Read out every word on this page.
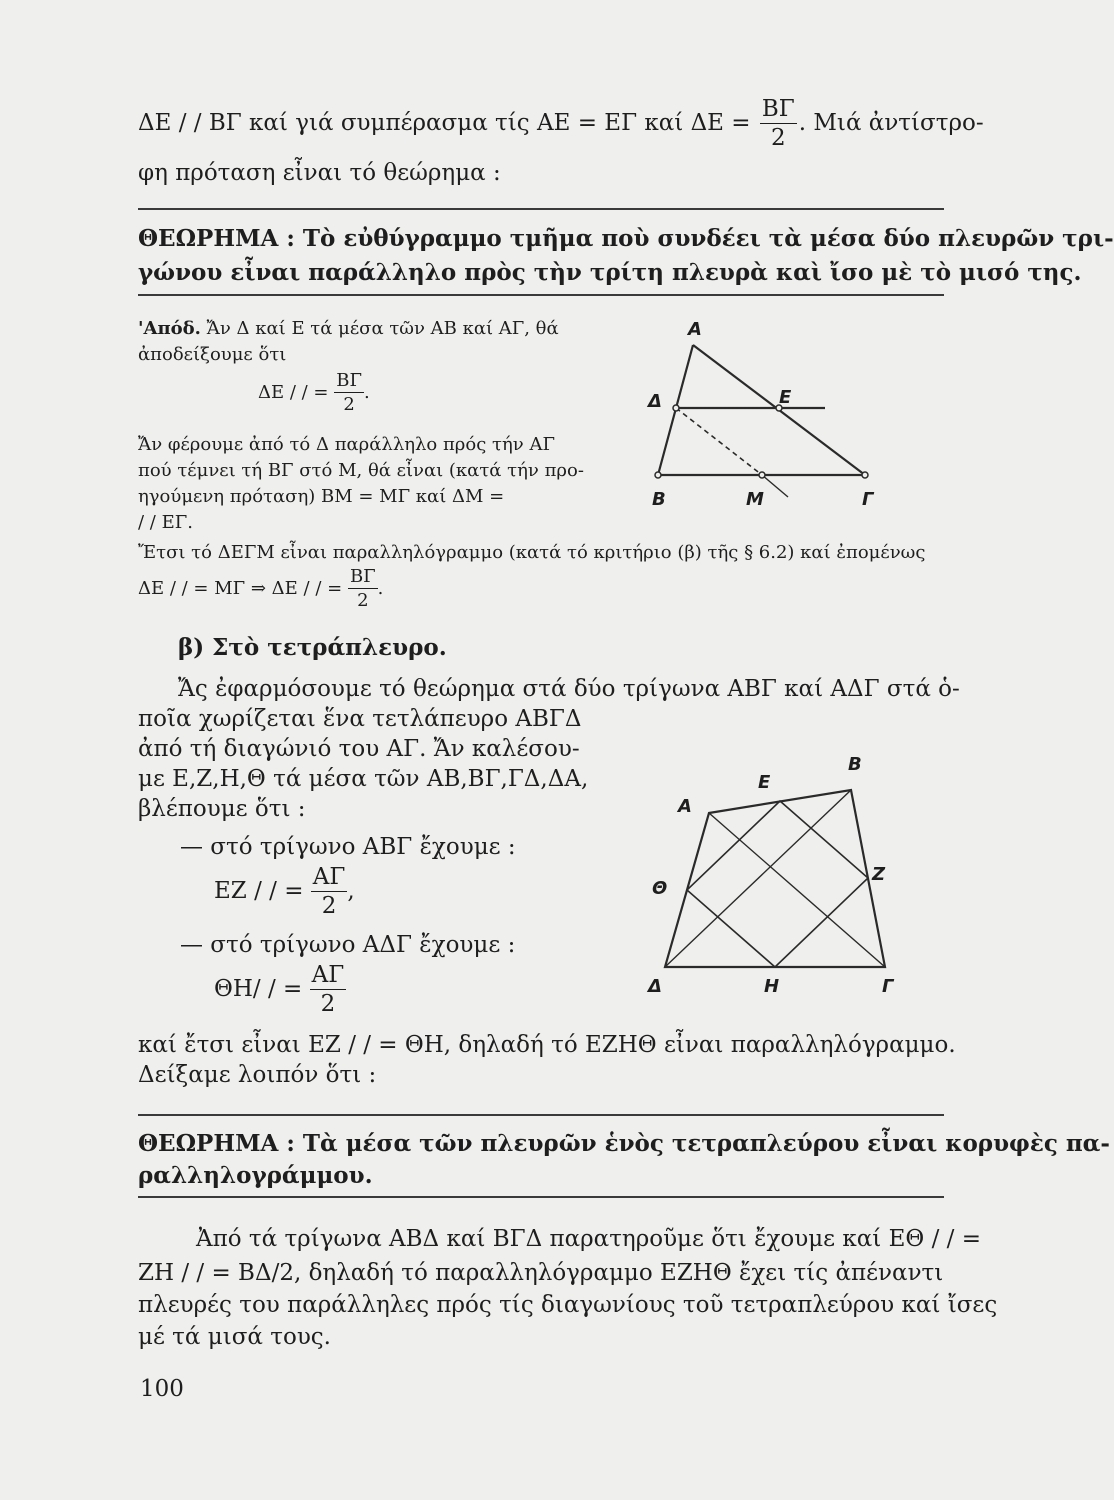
ΔΕ / / ΒΓ καί γιά συμπέρασμα τίς ΑΕ = ΕΓ καί $\Delta E = \frac{B\Gamma}{2}$ . Μιά ἀντίστρο-
φη πρόταση εἶναι τό θεώρημα :
ΘΕΩΡΗΜΑ : Τὸ εὐθύγραμμο τμῆμα ποὺ συνδέει τὰ μέσα δύο πλευρῶν τρι-
γώνου εἶναι παράλληλο πρὸς τὴν τρίτη πλευρὰ καὶ ἴσο μὲ τὸ μισό της.
'Απόδ. Ἄν Δ καί Ε τά μέσα τῶν ΑΒ καί ΑΓ, θά
ἀποδείξουμε ὅτι
ΔΕ / / = $\frac{B\Gamma}{2}$ .
Ἄν φέρουμε ἀπό τό Δ παράλληλο πρός τήν ΑΓ
πού τέμνει τή ΒΓ στό Μ, θά εἶναι (κατά τήν προ-
ηγούμενη πρόταση) ΒΜ = ΜΓ καί ΔΜ =
/ / ΕΓ.
Ἔτσι τό ΔΕΓΜ εἶναι παραλληλόγραμμο (κατά τό κριτήριο (β) τῆς § 6.2) καί ἐπομένως
ΔΕ / / = ΜΓ ⇒ ΔΕ / / = $\frac{B\Gamma}{2}$ .
Α
Δ	Ε
Β	Μ	Γ
β) Στὸ τετράπλευρο.
Ἄς ἐφαρμόσουμε τό θεώρημα στά δύο τρίγωνα ΑΒΓ καί ΑΔΓ στά ὁ-
ποῖα χωρίζεται ἕνα τετλάπευρο ΑΒΓΔ
ἀπό τή διαγώνιό του ΑΓ. Ἄν καλέσου-
με Ε,Ζ,Η,Θ τά μέσα τῶν ΑΒ,ΒΓ,ΓΔ,ΔΑ,
βλέπουμε ὅτι :
— στό τρίγωνο ΑΒΓ ἔχουμε :
ΕΖ / / = $\frac{A\Gamma}{2}$ ,
— στό τρίγωνο ΑΔΓ ἔχουμε :
ΘΗ/ / = $\frac{A\Gamma}{2}$
καί ἔτσι εἶναι ΕΖ / / = ΘΗ, δηλαδή τό ΕΖΗΘ εἶναι παραλληλόγραμμο.
Δείξαμε λοιπόν ὅτι :
Α
Ε
Β
Θ
Ζ
Δ	Η	Γ
ΘΕΩΡΗΜΑ : Τὰ μέσα τῶν πλευρῶν ἑνὸς τετραπλεύρου εἶναι κορυφὲς πα-
ραλληλογράμμου.
Ἀπό τά τρίγωνα ΑΒΔ καί ΒΓΔ παρατηροῦμε ὅτι ἔχουμε καί ΕΘ / / =
ΖΗ / / = ΒΔ/2, δηλαδή τό παραλληλόγραμμο ΕΖΗΘ ἔχει τίς ἀπέναντι
πλευρές του παράλληλες πρός τίς διαγωνίους τοῦ τετραπλεύρου καί ἴσες
μέ τά μισά τους.
100
